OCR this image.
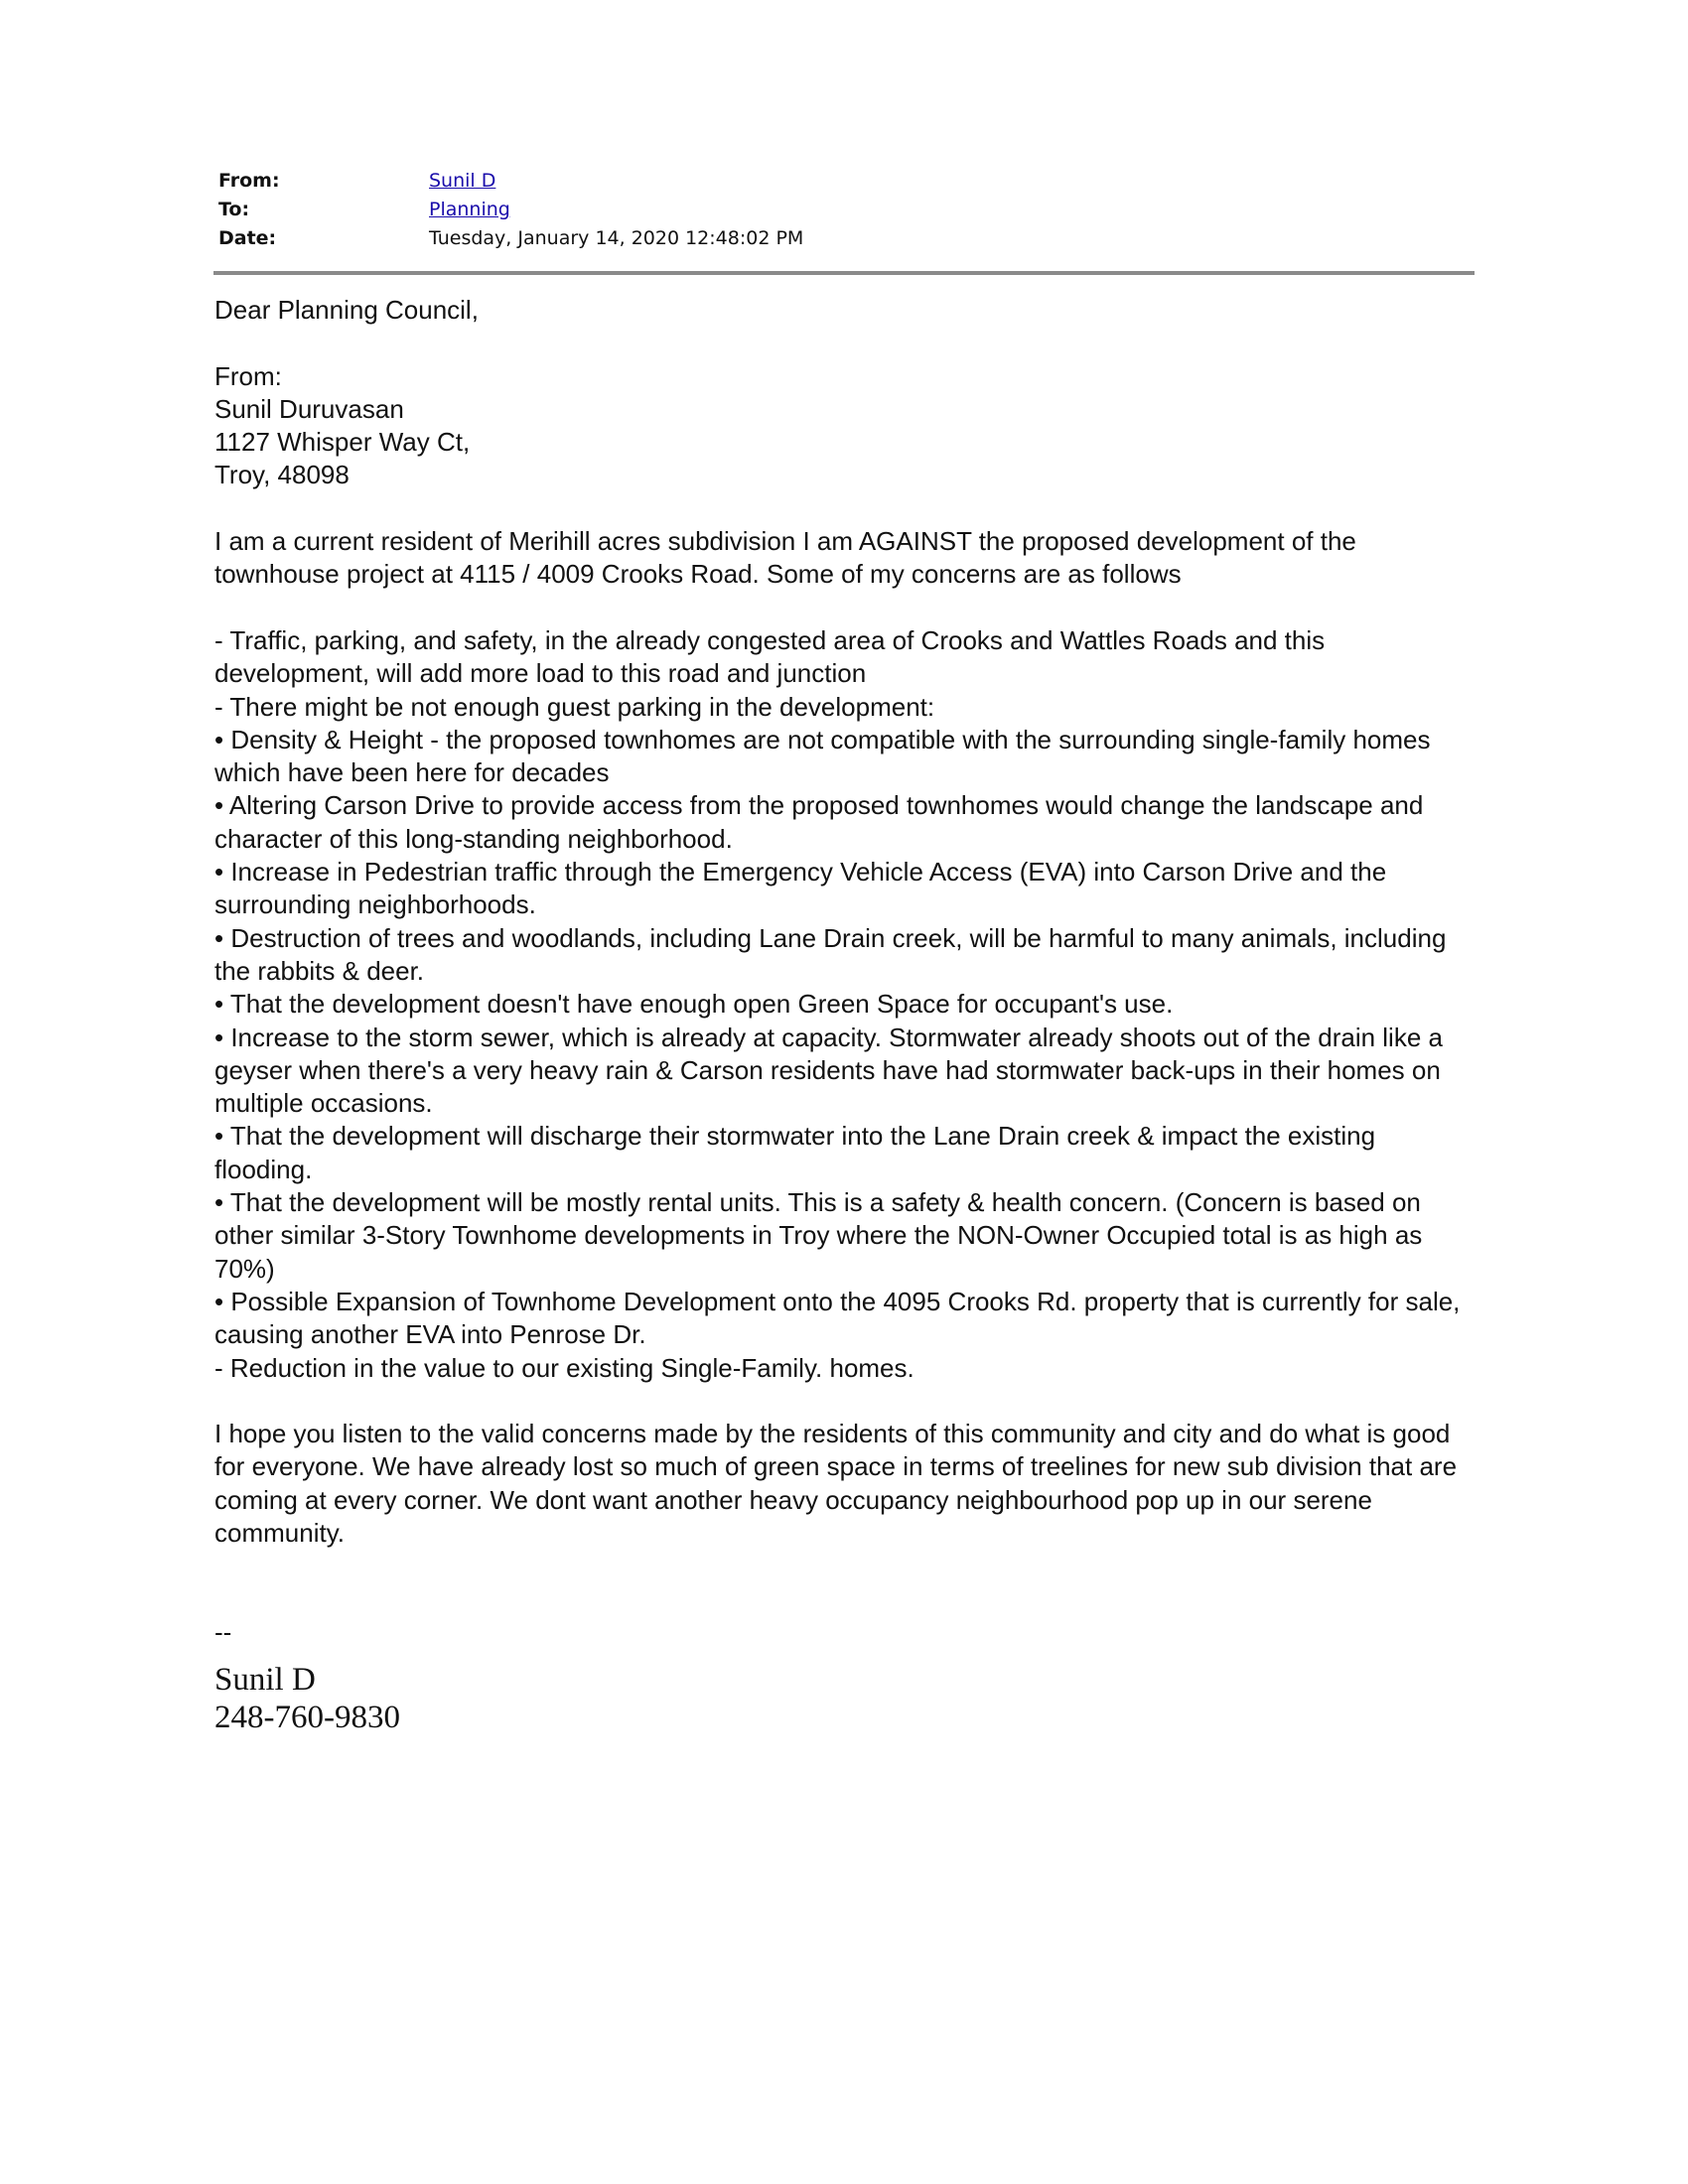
From:	Sunil D
To:	Planning
Date:	Tuesday, January 14, 2020 12:48:02 PM

Dear Planning Council,

From:

Sunil Duruvasan

1127 Whisper Way Ct,

Troy, 48098

I am a current resident of Merihill acres subdivision I am AGAINST the proposed development of the townhouse project at 4115 / 4009 Crooks Road. Some of my concerns are as follows

- Traffic, parking, and safety, in the already congested area of Crooks and Wattles Roads and this development, will add more load to this road and junction

- There might be not enough guest parking in the development:

• Density & Height - the proposed townhomes are not compatible with the surrounding single-family homes which have been here for decades

• Altering Carson Drive to provide access from the proposed townhomes would change the landscape and character of this long-standing neighborhood.

• Increase in Pedestrian traffic through the Emergency Vehicle Access (EVA) into Carson Drive and the surrounding neighborhoods.

• Destruction of trees and woodlands, including Lane Drain creek, will be harmful to many animals, including the rabbits & deer.

• That the development doesn't have enough open Green Space for occupant's use.

• Increase to the storm sewer, which is already at capacity. Stormwater already shoots out of the drain like a geyser when there's a very heavy rain & Carson residents have had stormwater back-ups in their homes on multiple occasions.

• That the development will discharge their stormwater into the Lane Drain creek & impact the existing flooding.

• That the development will be mostly rental units. This is a safety & health concern. (Concern is based on other similar 3-Story Townhome developments in Troy where the NON-Owner Occupied total is as high as 70%)

• Possible Expansion of Townhome Development onto the 4095 Crooks Rd. property that is currently for sale, causing another EVA into Penrose Dr.

- Reduction in the value to our existing Single-Family. homes.

I hope you listen to the valid concerns made by the residents of this community and city and do what is good for everyone. We have already lost so much of green space in terms of treelines for new sub division that are coming at every corner. We dont want another heavy occupancy neighbourhood pop up in our serene community.

--

Sunil D
248-760-9830
